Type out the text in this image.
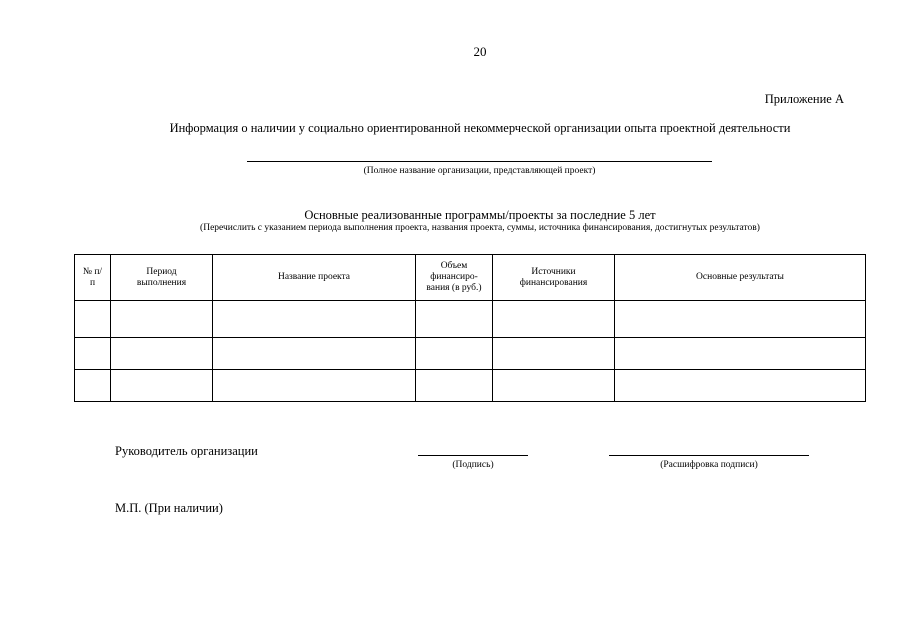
20
Приложение А
Информация о наличии у социально ориентированной некоммерческой организации опыта проектной деятельности
(Полное название организации, представляющей проект)
Основные реализованные программы/проекты за последние 5 лет
(Перечислить с указанием периода выполнения проекта, названия проекта, суммы, источника финансирования, достигнутых результатов)
№ п/п	Период выполнения	Название проекта	Объем финансиро-вания (в руб.)	Источники финансирования	Основные результаты

Руководитель организации
(Подпись)	(Расшифровка подписи)
М.П. (При наличии)
